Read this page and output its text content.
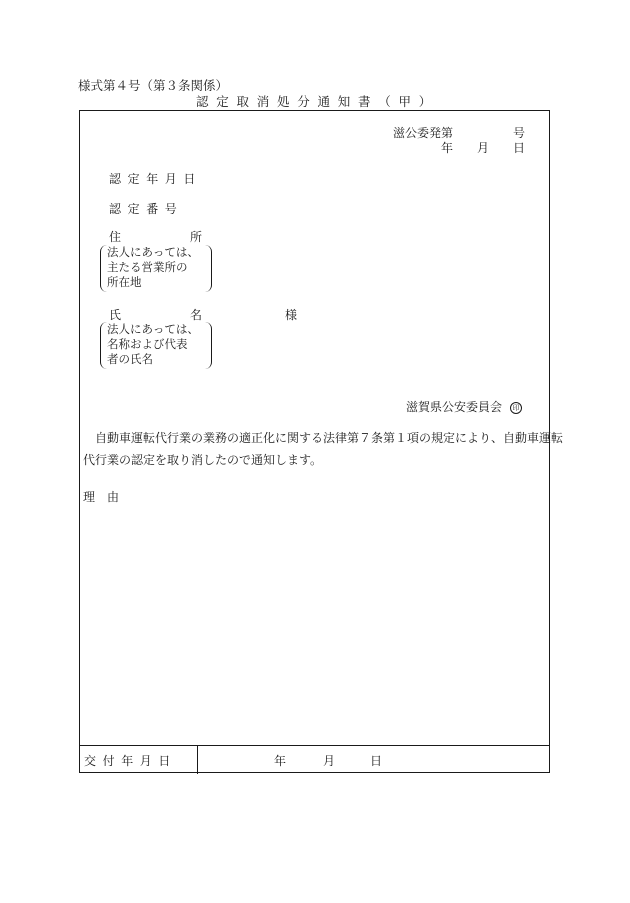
様式第４号（第３条関係）
認定取消処分通知書（甲）
滋公委発第　　　　　号
年　　月　　日
認定年月日
認定番号
住	所
法人にあっては、
主たる営業所の
所在地
氏	名	様
法人にあっては、
名称および代表
者の氏名
滋賀県公安委員会	印
自動車運転代行業の業務の適正化に関する法律第７条第１項の規定により、自動車運転
代行業の認定を取り消したので通知します。
理　由
交付年月日	年	月	日
